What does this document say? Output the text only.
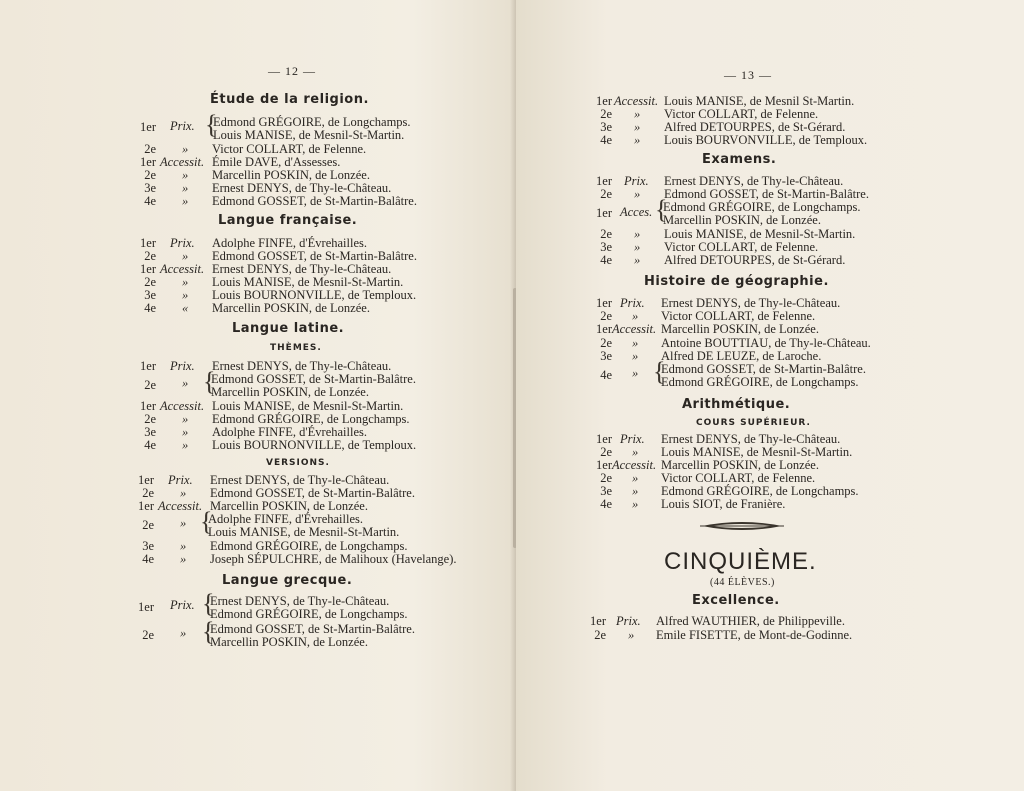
— 12 —
Étude de la religion.
1er Prix. {
Edmond GRÉGOIRE, de Longchamps.
Louis MANISE, de Mesnil-St-Martin.
2e » Victor COLLART, de Felenne.
1er Accessit. Émile DAVE, d'Assesses.
2e » Marcellin POSKIN, de Lonzée.
3e » Ernest DENYS, de Thy-le-Château.
4e » Edmond GOSSET, de St-Martin-Balâtre.
Langue française.
1er Prix. Adolphe FINFE, d'Évrehailles.
2e » Edmond GOSSET, de St-Martin-Balâtre.
1er Accessit. Ernest DENYS, de Thy-le-Château.
2e » Louis MANISE, de Mesnil-St-Martin.
3e » Louis BOURNONVILLE, de Temploux.
4e « Marcellin POSKIN, de Lonzée.
Langue latine.
THÈMES.
1er Prix. Ernest DENYS, de Thy-le-Château.
2e » {
Edmond GOSSET, de St-Martin-Balâtre.
Marcellin POSKIN, de Lonzée.
1er Accessit. Louis MANISE, de Mesnil-St-Martin.
2e » Edmond GRÉGOIRE, de Longchamps.
3e » Adolphe FINFE, d'Évrehailles.
4e » Louis BOURNONVILLE, de Temploux.
VERSIONS.
1er Prix. Ernest DENYS, de Thy-le-Château.
2e » Edmond GOSSET, de St-Martin-Balâtre.
1er Accessit. Marcellin POSKIN, de Lonzée.
2e » {
Adolphe FINFE, d'Évrehailles.
Louis MANISE, de Mesnil-St-Martin.
3e » Edmond GRÉGOIRE, de Longchamps.
4e » Joseph SÉPULCHRE, de Malihoux (Havelange).
Langue grecque.
1er Prix. {
Ernest DENYS, de Thy-le-Château.
Edmond GRÉGOIRE, de Longchamps.
2e » {
Edmond GOSSET, de St-Martin-Balâtre.
Marcellin POSKIN, de Lonzée.
— 13 —
1er Accessit. Louis MANISE, de Mesnil St-Martin.
2e » Victor COLLART, de Felenne.
3e » Alfred DETOURPES, de St-Gérard.
4e » Louis BOURVONVILLE, de Temploux.
Examens.
1er Prix. Ernest DENYS, de Thy-le-Château.
2e » Edmond GOSSET, de St-Martin-Balâtre.
1er Acces. {
Edmond GRÉGOIRE, de Longchamps.
Marcellin POSKIN, de Lonzée.
2e » Louis MANISE, de Mesnil-St-Martin.
3e » Victor COLLART, de Felenne.
4e » Alfred DETOURPES, de St-Gérard.
Histoire de géographie.
1er Prix. Ernest DENYS, de Thy-le-Château.
2e » Victor COLLART, de Felenne.
1er Accessit. Marcellin POSKIN, de Lonzée.
2e » Antoine BOUTTIAU, de Thy-le-Château.
3e » Alfred DE LEUZE, de Laroche.
4e » {
Edmond GOSSET, de St-Martin-Balâtre.
Edmond GRÉGOIRE, de Longchamps.
Arithmétique.
COURS SUPÉRIEUR.
1er Prix. Ernest DENYS, de Thy-le-Château.
2e » Louis MANISE, de Mesnil-St-Martin.
1er Accessit. Marcellin POSKIN, de Lonzée.
2e » Victor COLLART, de Felenne.
3e » Edmond GRÉGOIRE, de Longchamps.
4e » Louis SIOT, de Franière.
CINQUIÈME.
(44 ÉLÈVES.)
Excellence.
1er Prix. Alfred WAUTHIER, de Philippeville.
2e » Emile FISETTE, de Mont-de-Godinne.
